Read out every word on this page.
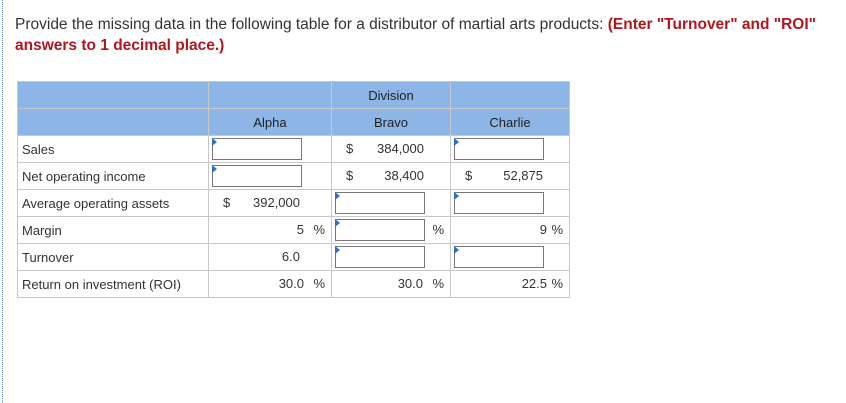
Provide the missing data in the following table for a distributor of martial arts products: (Enter "Turnover" and "ROI" answers to 1 decimal place.)
		Division	
	Alpha	Bravo	Charlie
Sales		$ 384,000	

Net operating income		$ 38,400	$ 52,875

Average operating assets	$ 392,000		

Margin	5 %	%	9 %

Turnover	6.0		

Return on investment (ROI)	30.0 %	30.0 %	22.5 %
